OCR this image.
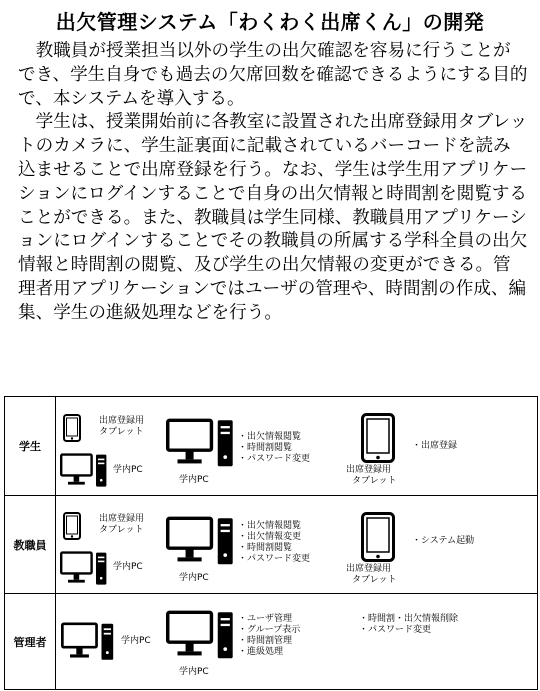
出欠管理システム「わくわく出席くん」の開発

教職員が授業担当以外の学生の出欠確認を容易に行うことができ、学生自身でも過去の欠席回数を確認できるようにする目的で、本システムを導入する。

学生は、授業開始前に各教室に設置された出席登録用タブレットのカメラに、学生証裏面に記載されているバーコードを読み込ませることで出席登録を行う。なお、学生は学生用アプリケーションにログインすることで自身の出欠情報と時間割を閲覧することができる。また、教職員は学生同様、教職員用アプリケーションにログインすることでその教職員の所属する学科全員の出欠情報と時間割の閲覧、及び学生の出欠情報の変更ができる。管理者用アプリケーションではユーザの管理や、時間割の作成、編集、学生の進級処理などを行う。

学生
出席登録用
タブレット
学内PC
学内PC
・出欠情報閲覧
・時間割閲覧
・パスワード変更
出席登録用
タブレット
・出席登録
教職員
出席登録用
タブレット
学内PC
学内PC
・出欠情報閲覧
・出欠情報変更
・時間割閲覧
・パスワード変更
出席登録用
タブレット
・システム起動
管理者	学内PC
学内PC
・ユーザ管理
・グループ表示
・時間割管理
・進級処理
・時間割・出欠情報削除
・パスワード変更
